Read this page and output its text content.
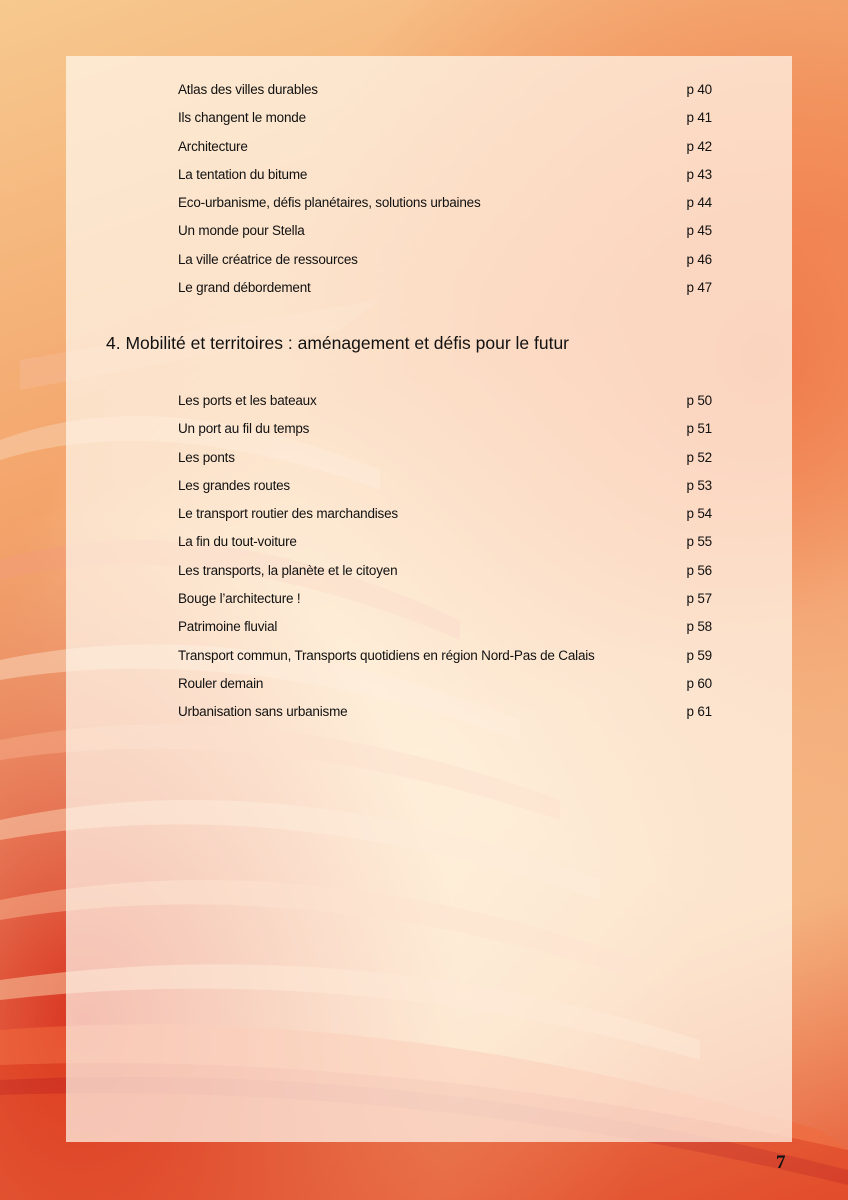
Atlas des villes durables	p 40
Ils changent le monde	p 41
Architecture	p 42
La tentation du bitume	p 43
Eco-urbanisme, défis planétaires, solutions urbaines	p 44
Un monde pour Stella	p 45
La ville créatrice de ressources	p 46
Le grand débordement	p 47
4. Mobilité et territoires : aménagement et défis pour le futur
Les ports et les bateaux	p 50
Un port au fil du temps	p 51
Les ponts	p 52
Les grandes routes	p 53
Le transport routier des marchandises	p 54
La fin du tout-voiture	p 55
Les transports, la planète et le citoyen	p 56
Bouge l’architecture !	p 57
Patrimoine fluvial	p 58
Transport commun, Transports quotidiens en région Nord-Pas de Calais	p 59
Rouler demain	p 60
Urbanisation sans urbanisme	p 61
7
